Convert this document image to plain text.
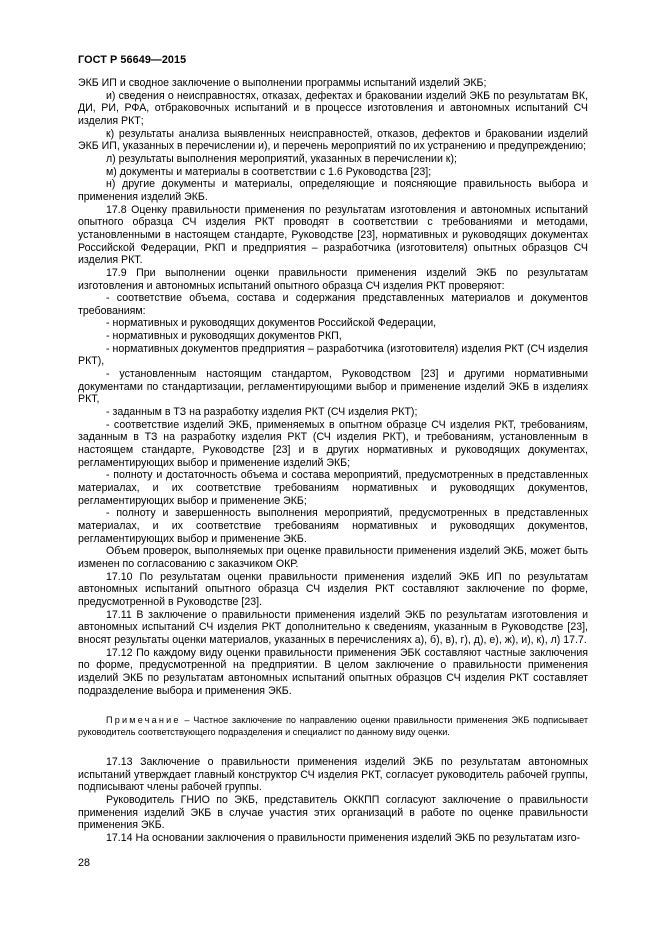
ГОСТ Р 56649—2015

ЭКБ ИП и сводное заключение о выполнении программы испытаний изделий ЭКБ;

и) сведения о неисправностях, отказах, дефектах и браковании изделий ЭКБ по результатам ВК, ДИ, РИ, РФА, отбраковочных испытаний и в процессе изготовления и автономных испытаний СЧ изделия РКТ;

к) результаты анализа выявленных неисправностей, отказов, дефектов и браковании изделий ЭКБ ИП, указанных в перечислении и), и перечень мероприятий по их устранению и предупреждению;

л) результаты выполнения мероприятий, указанных в перечислении к);

м) документы и материалы в соответствии с 1.6 Руководства [23];

н) другие документы и материалы, определяющие и поясняющие правильность выбора и применения изделий ЭКБ.

17.8 Оценку правильности применения по результатам изготовления и автономных испытаний опытного образца СЧ изделия РКТ проводят в соответствии с требованиями и методами, установленными в настоящем стандарте, Руководстве [23], нормативных и руководящих документах Российской Федерации, РКП и предприятия – разработчика (изготовителя) опытных образцов СЧ изделия РКТ.

17.9 При выполнении оценки правильности применения изделий ЭКБ по результатам изготовления и автономных испытаний опытного образца СЧ изделия РКТ проверяют:

- соответствие объема, состава и содержания представленных материалов и документов требованиям:

- нормативных и руководящих документов Российской Федерации,

- нормативных и руководящих документов РКП,

- нормативных документов предприятия – разработчика (изготовителя) изделия РКТ (СЧ изделия РКТ),

- установленным настоящим стандартом, Руководством [23] и другими нормативными документами по стандартизации, регламентирующими выбор и применение изделий ЭКБ в изделиях РКТ,

- заданным в ТЗ на разработку изделия РКТ (СЧ изделия РКТ);

- соответствие изделий ЭКБ, применяемых в опытном образце СЧ изделия РКТ, требованиям, заданным в ТЗ на разработку изделия РКТ (СЧ изделия РКТ), и требованиям, установленным в настоящем стандарте, Руководстве [23] и в других нормативных и руководящих документах, регламентирующих выбор и применение изделий ЭКБ;

- полноту и достаточность объема и состава мероприятий, предусмотренных в представленных материалах, и их соответствие требованиям нормативных и руководящих документов, регламентирующих выбор и применение ЭКБ;

- полноту и завершенность выполнения мероприятий, предусмотренных в представленных материалах, и их соответствие требованиям нормативных и руководящих документов, регламентирующих выбор и применение ЭКБ.

Объем проверок, выполняемых при оценке правильности применения изделий ЭКБ, может быть изменен по согласованию с заказчиком ОКР.

17.10 По результатам оценки правильности применения изделий ЭКБ ИП по результатам автономных испытаний опытного образца СЧ изделия РКТ составляют заключение по форме, предусмотренной в Руководстве [23].

17.11 В заключение о правильности применения изделий ЭКБ по результатам изготовления и автономных испытаний СЧ изделия РКТ дополнительно к сведениям, указанным в Руководстве [23], вносят результаты оценки материалов, указанных в перечислениях а), б), в), г), д), е), ж), и), к), л) 17.7.

17.12 По каждому виду оценки правильности применения ЭБК составляют частные заключения по форме, предусмотренной на предприятии. В целом заключение о правильности применения изделий ЭКБ по результатам автономных испытаний опытных образцов СЧ изделия РКТ составляет подразделение выбора и применения ЭКБ.

Примечание – Частное заключение по направлению оценки правильности применения ЭКБ подписывает руководитель соответствующего подразделения и специалист по данному виду оценки.

17.13 Заключение о правильности применения изделий ЭКБ по результатам автономных испытаний утверждает главный конструктор СЧ изделия РКТ, согласует руководитель рабочей группы, подписывают члены рабочей группы.

Руководитель ГНИО по ЭКБ, представитель ОККПП согласуют заключение о правильности применения изделий ЭКБ в случае участия этих организаций в работе по оценке правильности применения ЭКБ.

17.14 На основании заключения о правильности применения изделий ЭКБ по результатам изго-

28
